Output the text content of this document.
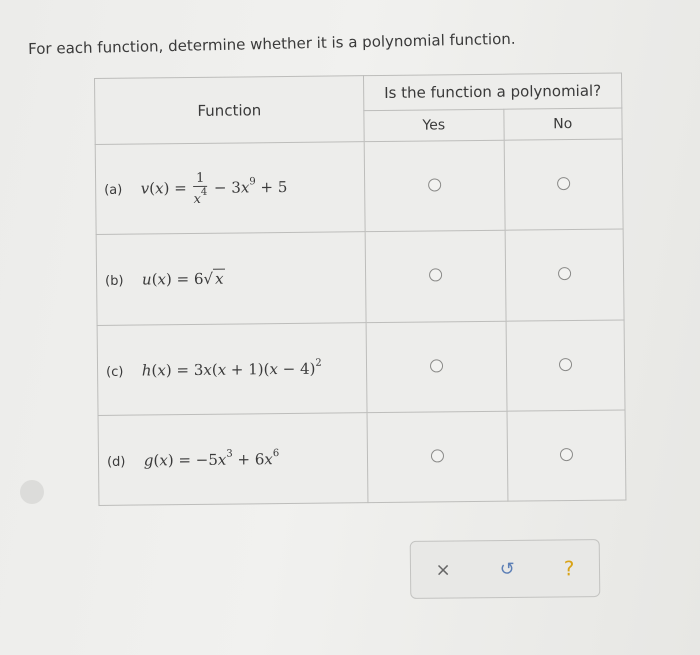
For each function, determine whether it is a polynomial function.
Function	Is the function a polynomial?	
	Yes	No
(a) $v(x) = \frac{1}{x^4} - 3x^9 + 5$		
(b) u(x) = 6√ x		
(c) $h(x) = 3x(x + 1)(x - 4)^2$		
(d) $g(x) = -5x^3 + 6x^6$		
×	↺ ?
